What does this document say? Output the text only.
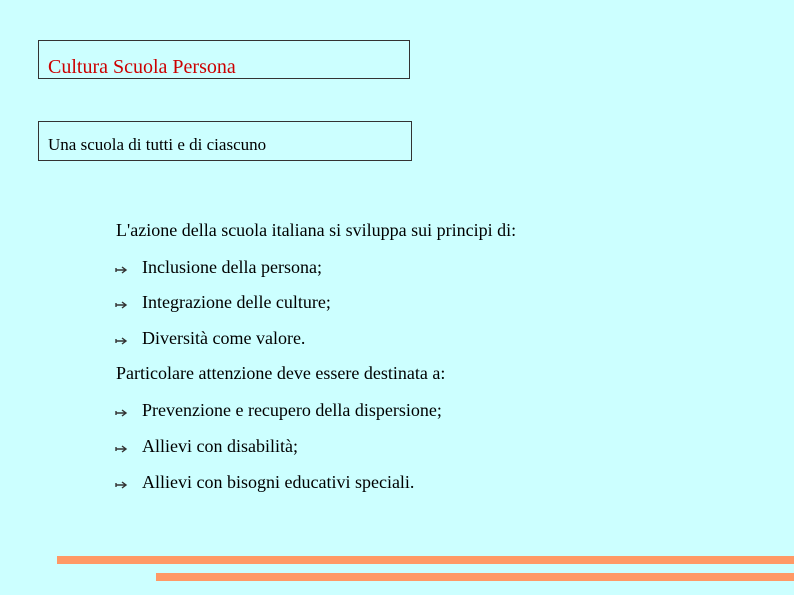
Cultura Scuola Persona
Una scuola di tutti e di ciascuno
L'azione della scuola italiana si sviluppa sui principi di:
Inclusione della persona;
Integrazione delle culture;
Diversità come valore.
Particolare attenzione deve essere destinata a:
Prevenzione e recupero della dispersione;
Allievi con disabilità;
Allievi con bisogni educativi speciali.
